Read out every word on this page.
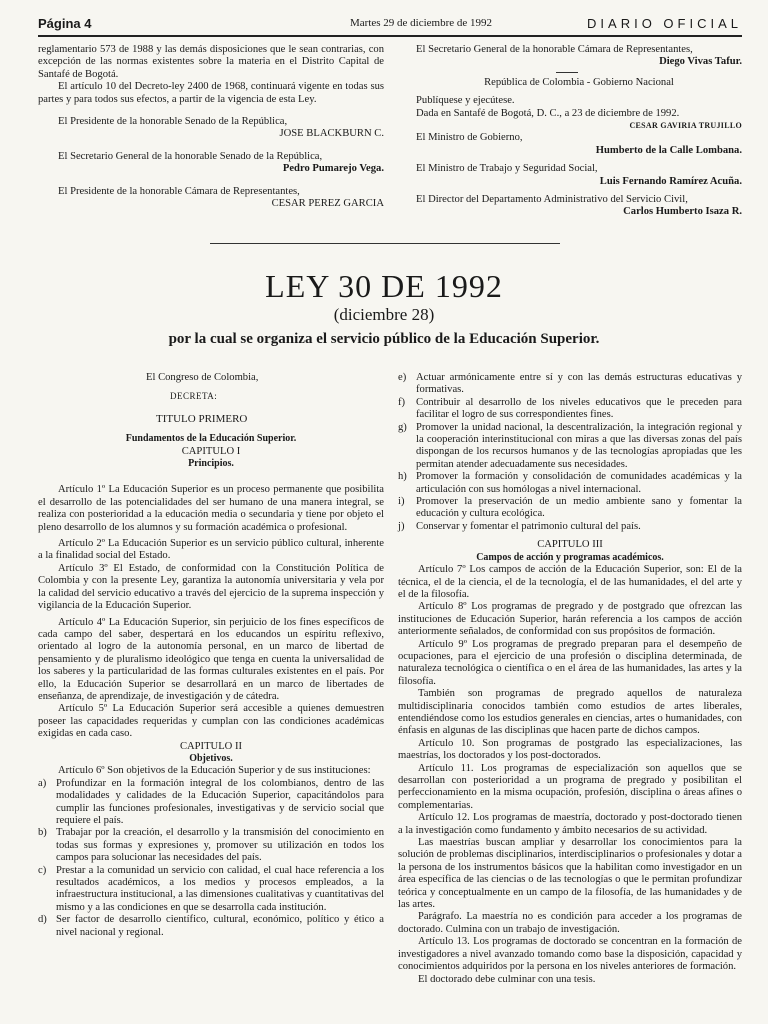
Página 4	Martes 29 de diciembre de 1992	DIARIO OFICIAL

reglamentario 573 de 1988 y las demás disposiciones que le sean contrarias, con excepción de las normas existentes sobre la materia en el Distrito Capital de Santafé de Bogotá.

El artículo 10 del Decreto-ley 2400 de 1968, continuará vigente en todas sus partes y para todos sus efectos, a partir de la vigencia de esta Ley.

El Presidente de la honorable Senado de la República,

JOSE BLACKBURN C.

El Secretario General de la honorable Senado de la República,

Pedro Pumarejo Vega.

El Presidente de la honorable Cámara de Representantes,

CESAR PEREZ GARCIA

El Secretario General de la honorable Cámara de Representantes,

Diego Vivas Tafur.

República de Colombia - Gobierno Nacional

Publíquese y ejecútese.

Dada en Santafé de Bogotá, D. C., a 23 de diciembre de 1992.

CESAR GAVIRIA TRUJILLO

El Ministro de Gobierno,

Humberto de la Calle Lombana.

El Ministro de Trabajo y Seguridad Social,

Luis Fernando Ramírez Acuña.

El Director del Departamento Administrativo del Servicio Civil,

Carlos Humberto Isaza R.
LEY 30 DE 1992
(diciembre 28)
por la cual se organiza el servicio público de la Educación Superior.

El Congreso de Colombia,

DECRETA:

TITULO PRIMERO

Fundamentos de la Educación Superior.

CAPITULO I

Principios.

Artículo 1º La Educación Superior es un proceso permanente que posibilita el desarrollo de las potencialidades del ser humano de una manera integral, se realiza con posterioridad a la educación media o secundaria y tiene por objeto el pleno desarrollo de los alumnos y su formación académica o profesional.

Artículo 2º La Educación Superior es un servicio público cultural, inherente a la finalidad social del Estado.

Artículo 3º El Estado, de conformidad con la Constitución Política de Colombia y con la presente Ley, garantiza la autonomía universitaria y vela por la calidad del servicio educativo a través del ejercicio de la suprema inspección y vigilancia de la Educación Superior.

Artículo 4º La Educación Superior, sin perjuicio de los fines específicos de cada campo del saber, despertará en los educandos un espíritu reflexivo, orientado al logro de la autonomía personal, en un marco de libertad de pensamiento y de pluralismo ideológico que tenga en cuenta la universalidad de los saberes y la particularidad de las formas culturales existentes en el país. Por ello, la Educación Superior se desarrollará en un marco de libertades de enseñanza, de aprendizaje, de investigación y de cátedra.

Artículo 5º La Educación Superior será accesible a quienes demuestren poseer las capacidades requeridas y cumplan con las condiciones académicas exigidas en cada caso.

CAPITULO II

Objetivos.

Artículo 6º Son objetivos de la Educación Superior y de sus instituciones:

a) Profundizar en la formación integral de los colombianos, dentro de las modalidades y calidades de la Educación Superior, capacitándolos para cumplir las funciones profesionales, investigativas y de servicio social que requiere el país.
b) Trabajar por la creación, el desarrollo y la transmisión del conocimiento en todas sus formas y expresiones y, promover su utilización en todos los campos para solucionar las necesidades del país.
c) Prestar a la comunidad un servicio con calidad, el cual hace referencia a los resultados académicos, a los medios y procesos empleados, a la infraestructura institucional, a las dimensiones cualitativas y cuantitativas del mismo y a las condiciones en que se desarrolla cada institución.
d) Ser factor de desarrollo científico, cultural, económico, político y ético a nivel nacional y regional.
e) Actuar armónicamente entre sí y con las demás estructuras educativas y formativas.
f)	Contribuir al desarrollo de los niveles educativos que le preceden para facilitar el logro de sus correspondientes fines.
g) Promover la unidad nacional, la descentralización, la integración regional y la cooperación interinstitucional con miras a que las diversas zonas del país dispongan de los recursos humanos y de las tecnologías apropiadas que les permitan atender adecuadamente sus necesidades.
h) Promover la formación y consolidación de comunidades académicas y la articulación con sus homólogas a nivel internacional.
i)	Promover la preservación de un medio ambiente sano y fomentar la educación y cultura ecológica.
j)	Conservar y fomentar el patrimonio cultural del país.

CAPITULO III

Campos de acción y programas académicos.

Artículo 7º Los campos de acción de la Educación Superior, son: El de la técnica, el de la ciencia, el de la tecnología, el de las humanidades, el del arte y el de la filosofía.

Artículo 8º Los programas de pregrado y de postgrado que ofrezcan las instituciones de Educación Superior, harán referencia a los campos de acción anteriormente señalados, de conformidad con sus propósitos de formación.

Artículo 9º Los programas de pregrado preparan para el desempeño de ocupaciones, para el ejercicio de una profesión o disciplina determinada, de naturaleza tecnológica o científica o en el área de las humanidades, las artes y la filosofía.

También son programas de pregrado aquellos de naturaleza multidisciplinaria conocidos también como estudios de artes liberales, entendiéndose como los estudios generales en ciencias, artes o humanidades, con énfasis en algunas de las disciplinas que hacen parte de dichos campos.

Artículo 10. Son programas de postgrado las especializaciones, las maestrías, los doctorados y los post-doctorados.

Artículo 11. Los programas de especialización son aquellos que se desarrollan con posterioridad a un programa de pregrado y posibilitan el perfeccionamiento en la misma ocupación, profesión, disciplina o áreas afines o complementarias.

Artículo 12. Los programas de maestría, doctorado y post-doctorado tienen a la investigación como fundamento y ámbito necesarios de su actividad.

Las maestrías buscan ampliar y desarrollar los conocimientos para la solución de problemas disciplinarios, interdisciplinarios o profesionales y dotar a la persona de los instrumentos básicos que la habilitan como investigador en un área específica de las ciencias o de las tecnologías o que le permitan profundizar teórica y conceptualmente en un campo de la filosofía, de las humanidades y de las artes.

Parágrafo. La maestría no es condición para acceder a los programas de doctorado. Culmina con un trabajo de investigación.

Artículo 13. Los programas de doctorado se concentran en la formación de investigadores a nivel avanzado tomando como base la disposición, capacidad y conocimientos adquiridos por la persona en los niveles anteriores de formación.

El doctorado debe culminar con una tesis.
